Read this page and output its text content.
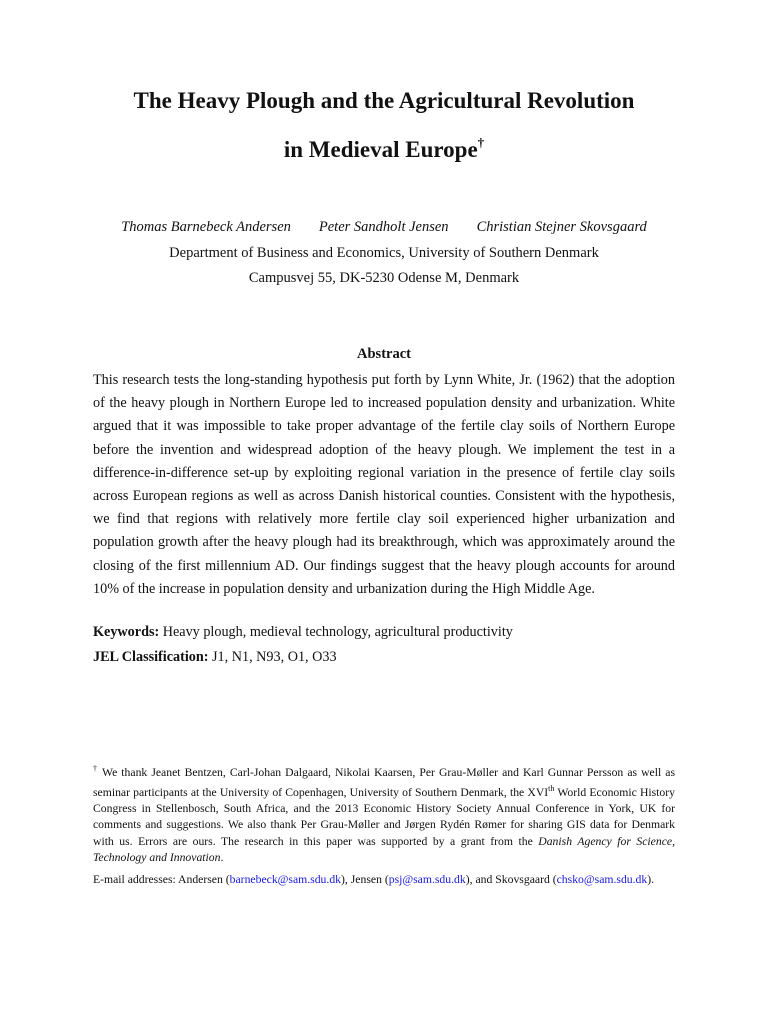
The Heavy Plough and the Agricultural Revolution
in Medieval Europe†
Thomas Barnebeck Andersen Peter Sandholt Jensen Christian Stejner Skovsgaard
Department of Business and Economics, University of Southern Denmark
Campusvej 55, DK-5230 Odense M, Denmark
Abstract

This research tests the long-standing hypothesis put forth by Lynn White, Jr. (1962) that the adoption of the heavy plough in Northern Europe led to increased population density and urbanization. White argued that it was impossible to take proper advantage of the fertile clay soils of Northern Europe before the invention and widespread adoption of the heavy plough. We implement the test in a difference-in-difference set-up by exploiting regional variation in the presence of fertile clay soils across European regions as well as across Danish historical counties. Consistent with the hypothesis, we find that regions with relatively more fertile clay soil experienced higher urbanization and population growth after the heavy plough had its breakthrough, which was approximately around the closing of the first millennium AD. Our findings suggest that the heavy plough accounts for around 10% of the increase in population density and urbanization during the High Middle Age.

Keywords: Heavy plough, medieval technology, agricultural productivity
JEL Classification: J1, N1, N93, O1, O33

† We thank Jeanet Bentzen, Carl-Johan Dalgaard, Nikolai Kaarsen, Per Grau-Møller and Karl Gunnar Persson as well as seminar participants at the University of Copenhagen, University of Southern Denmark, the XVIth World Economic History Congress in Stellenbosch, South Africa, and the 2013 Economic History Society Annual Conference in York, UK for comments and suggestions. We also thank Per Grau-Møller and Jørgen Rydén Rømer for sharing GIS data for Denmark with us. Errors are ours. The research in this paper was supported by a grant from the Danish Agency for Science, Technology and Innovation.

E-mail addresses: Andersen (barnebeck@sam.sdu.dk), Jensen (psj@sam.sdu.dk), and Skovsgaard (chsko@sam.sdu.dk).
